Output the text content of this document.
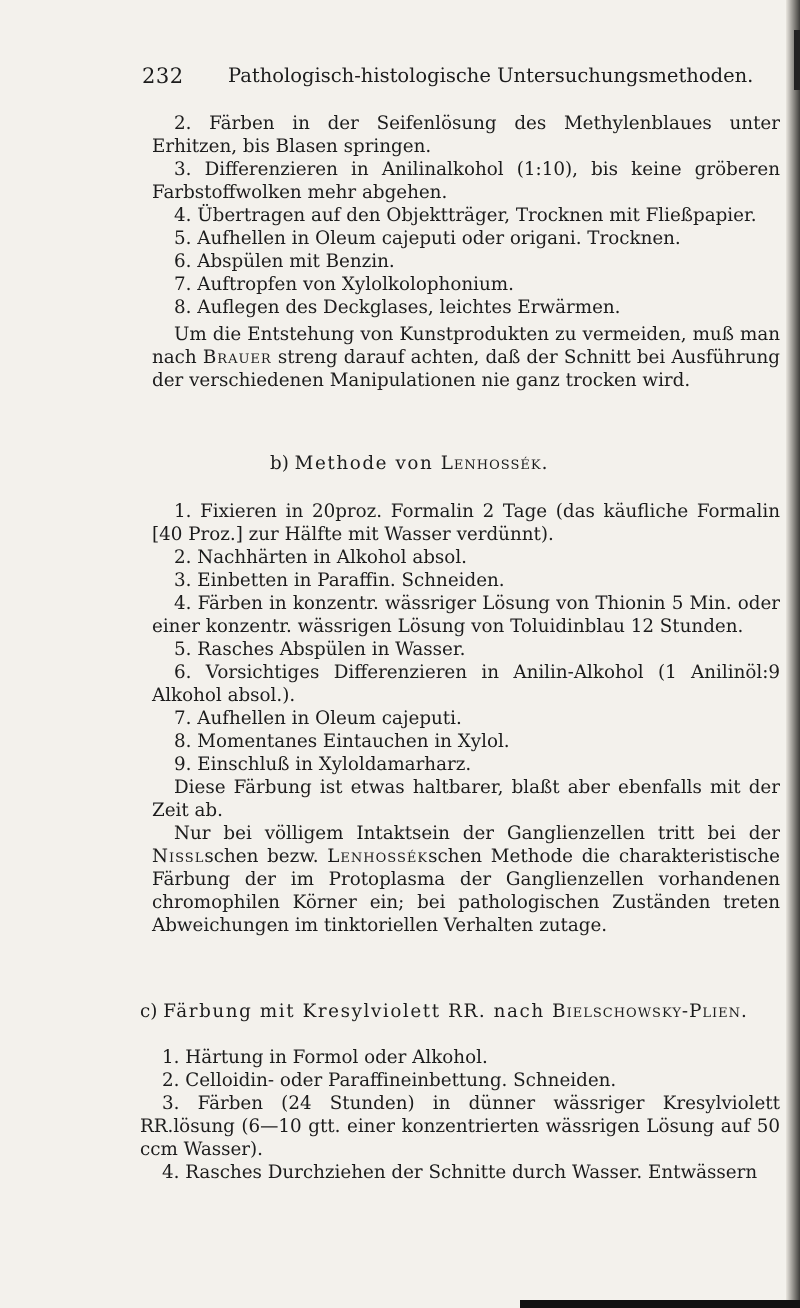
232 Pathologisch-histologische Untersuchungsmethoden.

2. Färben in der Seifenlösung des Methylenblaues unter Erhitzen, bis Blasen springen.

3. Differenzieren in Anilinalkohol (1:10), bis keine gröberen Farbstoffwolken mehr abgehen.

4. Übertragen auf den Objektträger, Trocknen mit Fließpapier.

5. Aufhellen in Oleum cajeputi oder origani. Trocknen.

6. Abspülen mit Benzin.

7. Auftropfen von Xylolkolophonium.

8. Auflegen des Deckglases, leichtes Erwärmen.

Um die Entstehung von Kunstprodukten zu vermeiden, muß man nach Brauer streng darauf achten, daß der Schnitt bei Ausführung der verschiedenen Manipulationen nie ganz trocken wird.

b) Methode von Lenhossék.

1. Fixieren in 20proz. Formalin 2 Tage (das käufliche Formalin [40 Proz.] zur Hälfte mit Wasser verdünnt).

2. Nachhärten in Alkohol absol.

3. Einbetten in Paraffin. Schneiden.

4. Färben in konzentr. wässriger Lösung von Thionin 5 Min. oder einer konzentr. wässrigen Lösung von Toluidinblau 12 Stunden.

5. Rasches Abspülen in Wasser.

6. Vorsichtiges Differenzieren in Anilin-Alkohol (1 Anilinöl:9 Alkohol absol.).

7. Aufhellen in Oleum cajeputi.

8. Momentanes Eintauchen in Xylol.

9. Einschluß in Xyloldamarharz.

Diese Färbung ist etwas haltbarer, blaßt aber ebenfalls mit der Zeit ab.

Nur bei völligem Intaktsein der Ganglienzellen tritt bei der Nisslschen bezw. Lenhossékschen Methode die charakteristische Färbung der im Protoplasma der Ganglienzellen vorhandenen chromophilen Körner ein; bei pathologischen Zuständen treten Abweichungen im tinktoriellen Verhalten zutage.

c) Färbung mit Kresylviolett RR. nach Bielschowsky-Plien.

1. Härtung in Formol oder Alkohol.

2. Celloidin- oder Paraffineinbettung. Schneiden.

3. Färben (24 Stunden) in dünner wässriger Kresylviolett RR.lösung (6—10 gtt. einer konzentrierten wässrigen Lösung auf 50 ccm Wasser).

4. Rasches Durchziehen der Schnitte durch Wasser. Entwässern
